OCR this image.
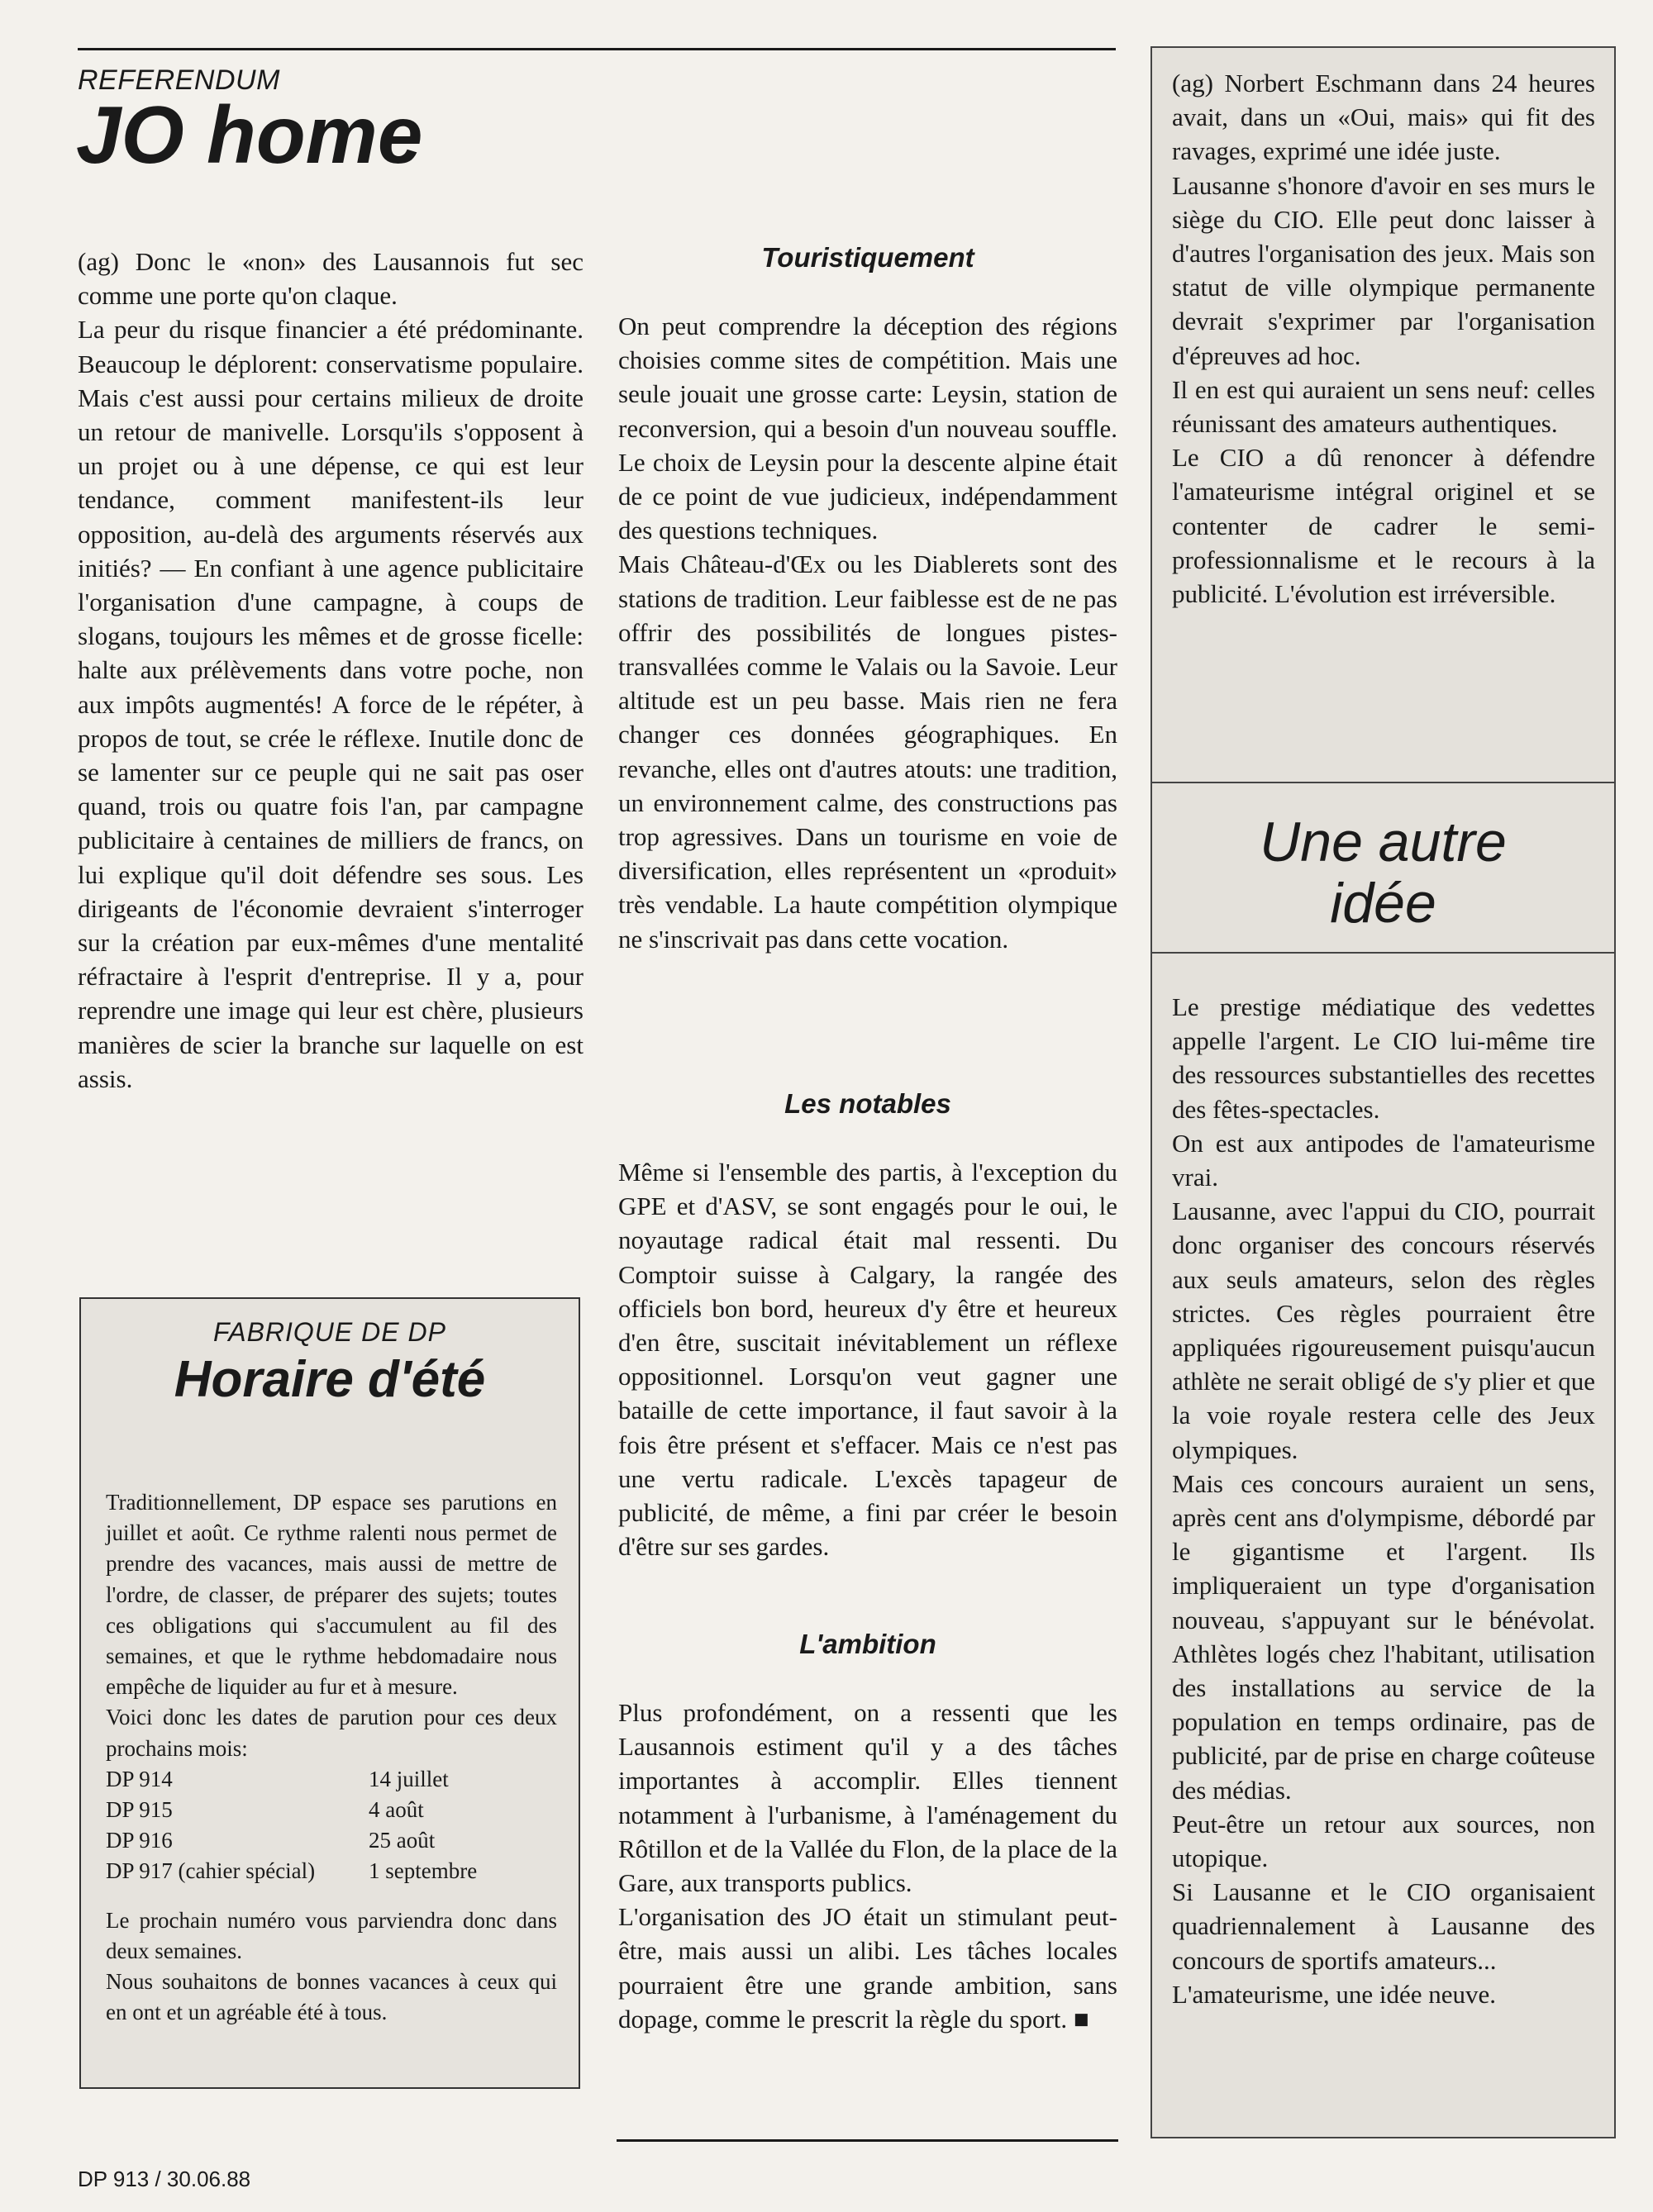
REFERENDUM
JO home

(ag) Donc le «non» des Lausannois fut sec comme une porte qu'on claque.

La peur du risque financier a été prédominante. Beaucoup le déplorent: conservatisme populaire. Mais c'est aussi pour certains milieux de droite un retour de manivelle. Lorsqu'ils s'opposent à un projet ou à une dépense, ce qui est leur tendance, comment manifestent-ils leur opposition, au-delà des arguments réservés aux initiés? — En confiant à une agence publicitaire l'organisation d'une campagne, à coups de slogans, toujours les mêmes et de grosse ficelle: halte aux prélèvements dans votre poche, non aux impôts augmentés! A force de le répéter, à propos de tout, se crée le réflexe. Inutile donc de se lamenter sur ce peuple qui ne sait pas oser quand, trois ou quatre fois l'an, par campagne publicitaire à centaines de milliers de francs, on lui explique qu'il doit défendre ses sous. Les dirigeants de l'économie devraient s'interroger sur la création par eux-mêmes d'une mentalité réfractaire à l'esprit d'entreprise. Il y a, pour reprendre une image qui leur est chère, plusieurs manières de scier la branche sur laquelle on est assis.

FABRIQUE DE DP
Horaire d'été

Traditionnellement, DP espace ses parutions en juillet et août. Ce rythme ralenti nous permet de prendre des vacances, mais aussi de mettre de l'ordre, de classer, de préparer des sujets; toutes ces obligations qui s'accumulent au fil des semaines, et que le rythme hebdomadaire nous empêche de liquider au fur et à mesure.

Voici donc les dates de parution pour ces deux prochains mois:

DP 914	14 juillet
DP 915	4 août
DP 916	25 août
DP 917 (cahier spécial)	1 septembre

Le prochain numéro vous parviendra donc dans deux semaines.

Nous souhaitons de bonnes vacances à ceux qui en ont et un agréable été à tous.

Touristiquement

On peut comprendre la déception des régions choisies comme sites de compétition. Mais une seule jouait une grosse carte: Leysin, station de reconversion, qui a besoin d'un nouveau souffle. Le choix de Leysin pour la descente alpine était de ce point de vue judicieux, indépendamment des questions techniques.

Mais Château-d'Œx ou les Diablerets sont des stations de tradition. Leur faiblesse est de ne pas offrir des possibilités de longues pistes-transvallées comme le Valais ou la Savoie. Leur altitude est un peu basse. Mais rien ne fera changer ces données géographiques. En revanche, elles ont d'autres atouts: une tradition, un environnement calme, des constructions pas trop agressives. Dans un tourisme en voie de diversification, elles représentent un «produit» très vendable. La haute compétition olympique ne s'inscrivait pas dans cette vocation.

Les notables

Même si l'ensemble des partis, à l'exception du GPE et d'ASV, se sont engagés pour le oui, le noyautage radical était mal ressenti. Du Comptoir suisse à Calgary, la rangée des officiels bon bord, heureux d'y être et heureux d'en être, suscitait inévitablement un réflexe oppositionnel. Lorsqu'on veut gagner une bataille de cette importance, il faut savoir à la fois être présent et s'effacer. Mais ce n'est pas une vertu radicale. L'excès tapageur de publicité, de même, a fini par créer le besoin d'être sur ses gardes.

L'ambition

Plus profondément, on a ressenti que les Lausannois estiment qu'il y a des tâches importantes à accomplir. Elles tiennent notamment à l'urbanisme, à l'aménagement du Rôtillon et de la Vallée du Flon, de la place de la Gare, aux transports publics.

L'organisation des JO était un stimulant peut-être, mais aussi un alibi. Les tâches locales pourraient être une grande ambition, sans dopage, comme le prescrit la règle du sport. ■

DP 913 / 30.06.88

(ag) Norbert Eschmann dans 24 heures avait, dans un «Oui, mais» qui fit des ravages, exprimé une idée juste.

Lausanne s'honore d'avoir en ses murs le siège du CIO. Elle peut donc laisser à d'autres l'organisation des jeux. Mais son statut de ville olympique permanente devrait s'exprimer par l'organisation d'épreuves ad hoc.

Il en est qui auraient un sens neuf: celles réunissant des amateurs authentiques.

Le CIO a dû renoncer à défendre l'amateurisme intégral originel et se contenter de cadrer le semi-professionnalisme et le recours à la publicité. L'évolution est irréversible.

Une autre
idée

Le prestige médiatique des vedettes appelle l'argent. Le CIO lui-même tire des ressources substantielles des recettes des fêtes-spectacles.

On est aux antipodes de l'amateurisme vrai.

Lausanne, avec l'appui du CIO, pourrait donc organiser des concours réservés aux seuls amateurs, selon des règles strictes. Ces règles pourraient être appliquées rigoureusement puisqu'aucun athlète ne serait obligé de s'y plier et que la voie royale restera celle des Jeux olympiques.

Mais ces concours auraient un sens, après cent ans d'olympisme, débordé par le gigantisme et l'argent. Ils impliqueraient un type d'organisation nouveau, s'appuyant sur le bénévolat. Athlètes logés chez l'habitant, utilisation des installations au service de la population en temps ordinaire, pas de publicité, par de prise en charge coûteuse des médias.

Peut-être un retour aux sources, non utopique.

Si Lausanne et le CIO organisaient quadriennalement à Lausanne des concours de sportifs amateurs...

L'amateurisme, une idée neuve.
